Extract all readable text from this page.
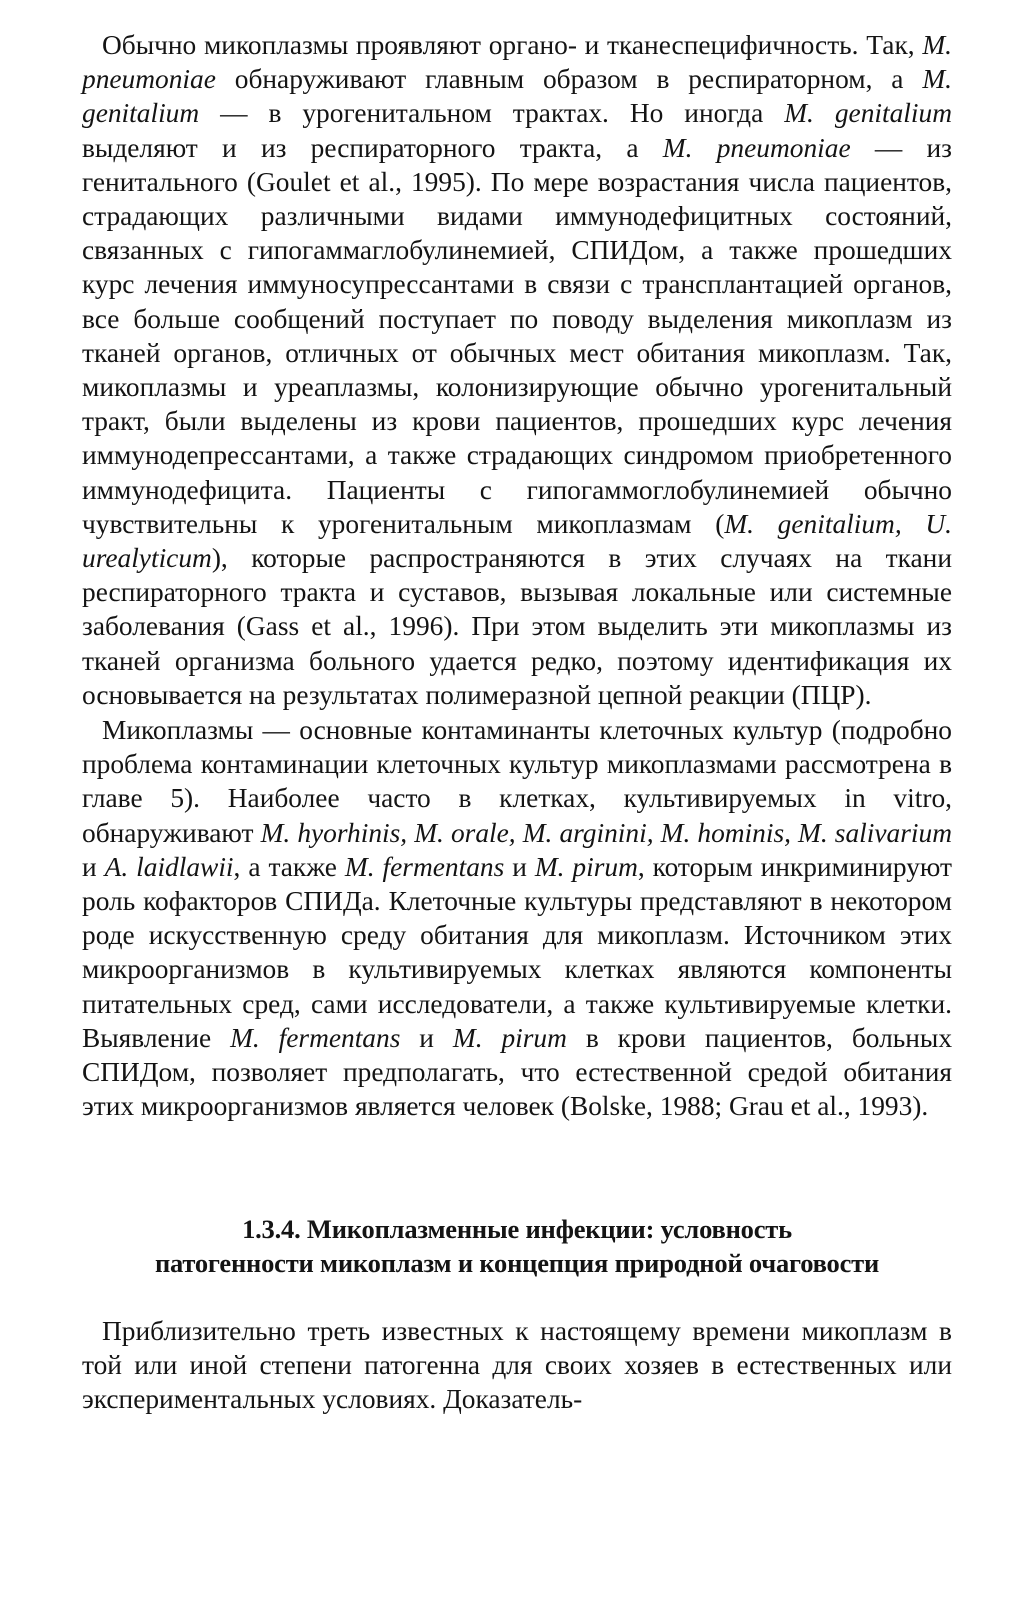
Обычно микоплазмы проявляют органо- и тканеспецифичность. Так, M. pneumoniae обнаруживают главным образом в респираторном, а M. genitalium — в урогенитальном трактах. Но иногда M. genitalium выделяют и из респираторного тракта, а M. pneumoniae — из генитального (Goulet et al., 1995). По мере возрастания числа пациентов, страдающих различными видами иммунодефицитных состояний, связанных с гипогаммаглобулинемией, СПИДом, а также прошедших курс лечения иммуносупрессантами в связи с трансплантацией органов, все больше сообщений поступает по поводу выделения микоплазм из тканей органов, отличных от обычных мест обитания микоплазм. Так, микоплазмы и уреаплазмы, колонизирующие обычно урогенитальный тракт, были выделены из крови пациентов, прошедших курс лечения иммунодепрессантами, а также страдающих синдромом приобретенного иммунодефицита. Пациенты с гипогаммоглобулинемией обычно чувствительны к урогенитальным микоплазмам (M. genitalium, U. urealyticum), которые распространяются в этих случаях на ткани респираторного тракта и суставов, вызывая локальные или системные заболевания (Gass et al., 1996). При этом выделить эти микоплазмы из тканей организма больного удается редко, поэтому идентификация их основывается на результатах полимеразной цепной реакции (ПЦР).

Микоплазмы — основные контаминанты клеточных культур (подробно проблема контаминации клеточных культур микоплазмами рассмотрена в главе 5). Наиболее часто в клетках, культивируемых in vitro, обнаруживают M. hyorhinis, M. orale, M. arginini, M. hominis, M. salivarium и A. laidlawii, а также M. fermentans и M. pirum, которым инкриминируют роль кофакторов СПИДа. Клеточные культуры представляют в некотором роде искусственную среду обитания для микоплазм. Источником этих микроорганизмов в культивируемых клетках являются компоненты питательных сред, сами исследователи, а также культивируемые клетки. Выявление M. fermentans и M. pirum в крови пациентов, больных СПИДом, позволяет предполагать, что естественной средой обитания этих микроорганизмов является человек (Bolske, 1988; Grau et al., 1993).

1.3.4. Микоплазменные инфекции: условность
патогенности микоплазм и концепция природной очаговости

Приблизительно треть известных к настоящему времени микоплазм в той или иной степени патогенна для своих хозяев в естественных или экспериментальных условиях. Доказатель-
